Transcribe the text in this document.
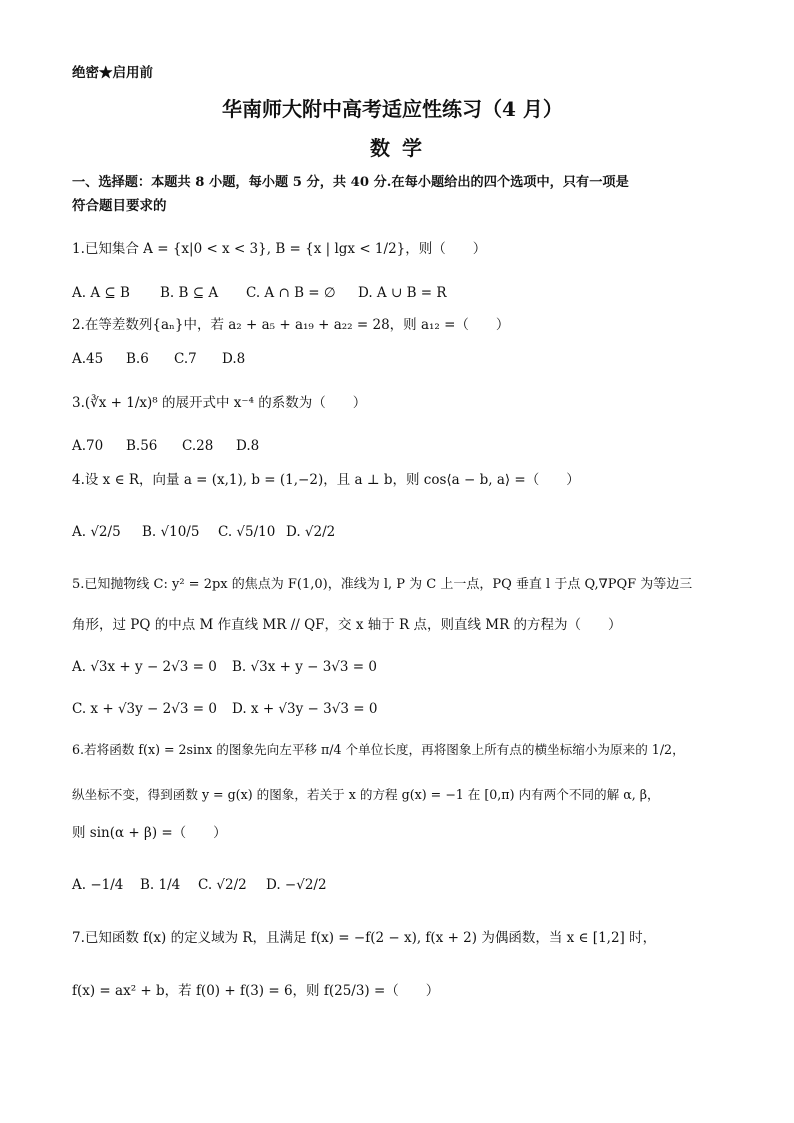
绝密★启用前
华南师大附中高考适应性练习（4 月）
数学
一、选择题：本题共 8 小题，每小题 5 分，共 40 分.在每小题给出的四个选项中，只有一项是
符合题目要求的
1.已知集合 A = {x|0 < x < 3}, B = {x | lgx < 1/2}，则（　　）
A. A ⊆ B B. B ⊆ A C. A ∩ B = ∅ D. A ∪ B = R
2.在等差数列{aₙ}中，若 a₂ + a₅ + a₁₉ + a₂₂ = 28，则 a₁₂ =（　　）
A.45 B.6 C.7 D.8
3.(∛x + 1/x)⁸ 的展开式中 x⁻⁴ 的系数为（　　）
A.70 B.56 C.28 D.8
4.设 x ∈ R，向量 a = (x,1), b = (1,−2)，且 a ⊥ b，则 cos⟨a − b, a⟩ =（　　）
A. √2/5 B. √10/5 C. √5/10 D. √2/2
5.已知抛物线 C: y² = 2px 的焦点为 F(1,0)，准线为 l, P 为 C 上一点，PQ 垂直 l 于点 Q,∇PQF 为等边三
角形，过 PQ 的中点 M 作直线 MR // QF，交 x 轴于 R 点，则直线 MR 的方程为（　　）
A. √3x + y − 2√3 = 0 B. √3x + y − 3√3 = 0
C. x + √3y − 2√3 = 0 D. x + √3y − 3√3 = 0
6.若将函数 f(x) = 2sinx 的图象先向左平移 π/4 个单位长度，再将图象上所有点的横坐标缩小为原来的 1/2，
纵坐标不变，得到函数 y = g(x) 的图象，若关于 x 的方程 g(x) = −1 在 [0,π) 内有两个不同的解 α, β，
则 sin(α + β) =（　　）
A. −1/4 B. 1/4 C. √2/2 D. −√2/2
7.已知函数 f(x) 的定义域为 R，且满足 f(x) = −f(2 − x), f(x + 2) 为偶函数，当 x ∈ [1,2] 时，
f(x) = ax² + b，若 f(0) + f(3) = 6，则 f(25/3) =（　　）
